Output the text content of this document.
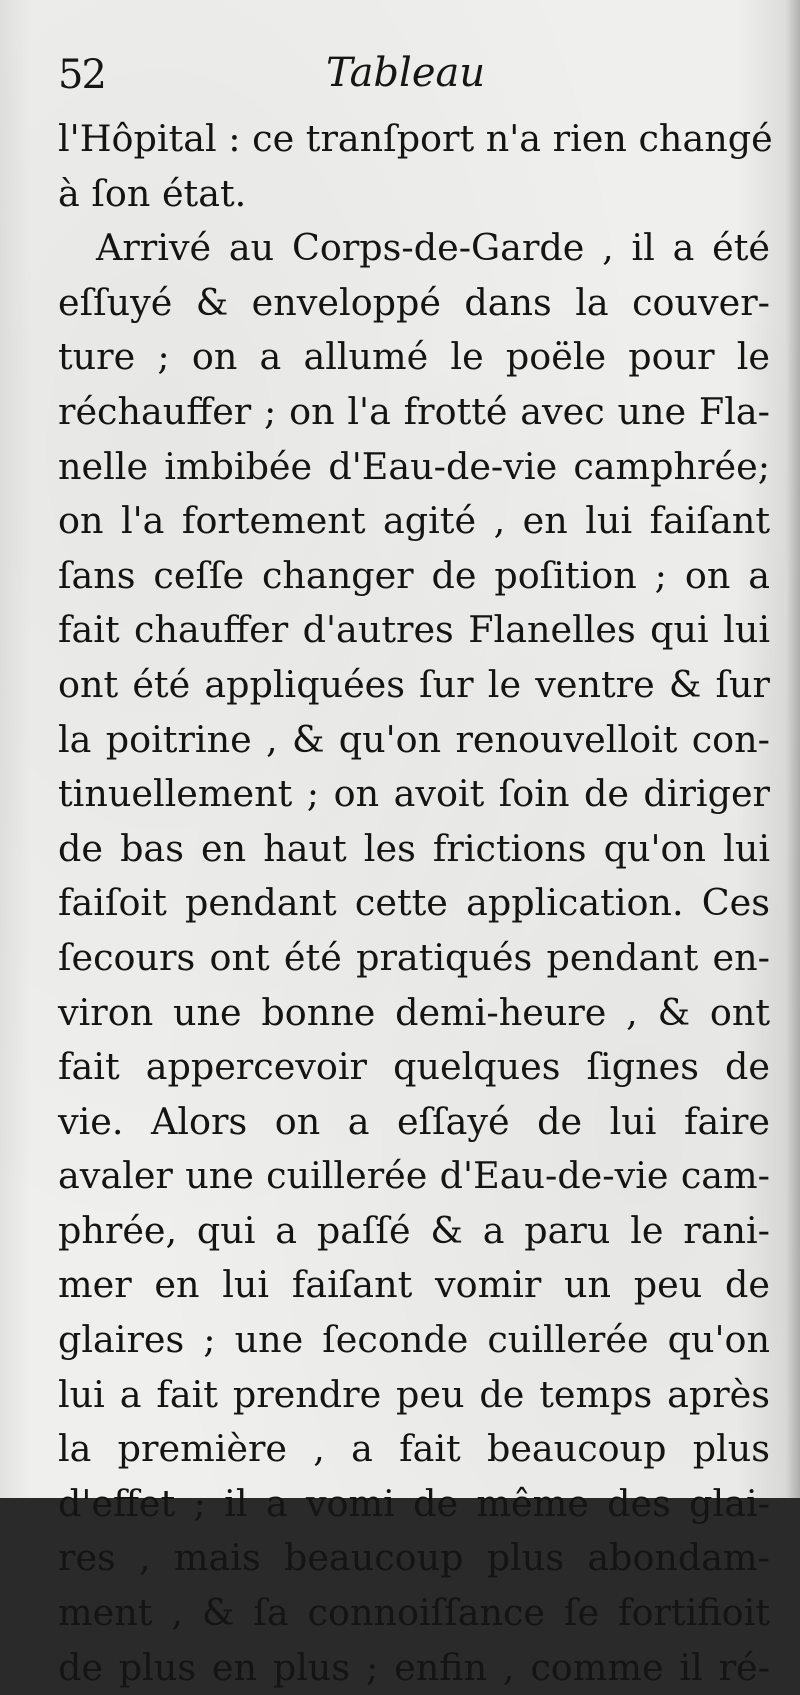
52	Tableau
l'Hôpital : ce tranſport n'a rien changé
à ſon état.
Arrivé au Corps-de-Garde , il a été
eſſuyé & enveloppé dans la couver-
ture ; on a allumé le poële pour le
réchauffer ; on l'a frotté avec une Fla-
nelle imbibée d'Eau-de-vie camphrée;
on l'a fortement agité , en lui faiſant
ſans ceſſe changer de poſition ; on a
fait chauffer d'autres Flanelles qui lui
ont été appliquées ſur le ventre & ſur
la poitrine , & qu'on renouvelloit con-
tinuellement ; on avoit ſoin de diriger
de bas en haut les frictions qu'on lui
faiſoit pendant cette application. Ces
ſecours ont été pratiqués pendant en-
viron une bonne demi-heure , & ont
fait appercevoir quelques ſignes de
vie. Alors on a eſſayé de lui faire
avaler une cuillerée d'Eau-de-vie cam-
phrée, qui a paſſé & a paru le rani-
mer en lui faiſant vomir un peu de
glaires ; une ſeconde cuillerée qu'on
lui a fait prendre peu de temps après
la première , a fait beaucoup plus
d'effet ; il a vomi de même des glai-
res , mais beaucoup plus abondam-
ment , & ſa connoiſſance ſe fortifioit
de plus en plus ; enfin , comme il ré-
